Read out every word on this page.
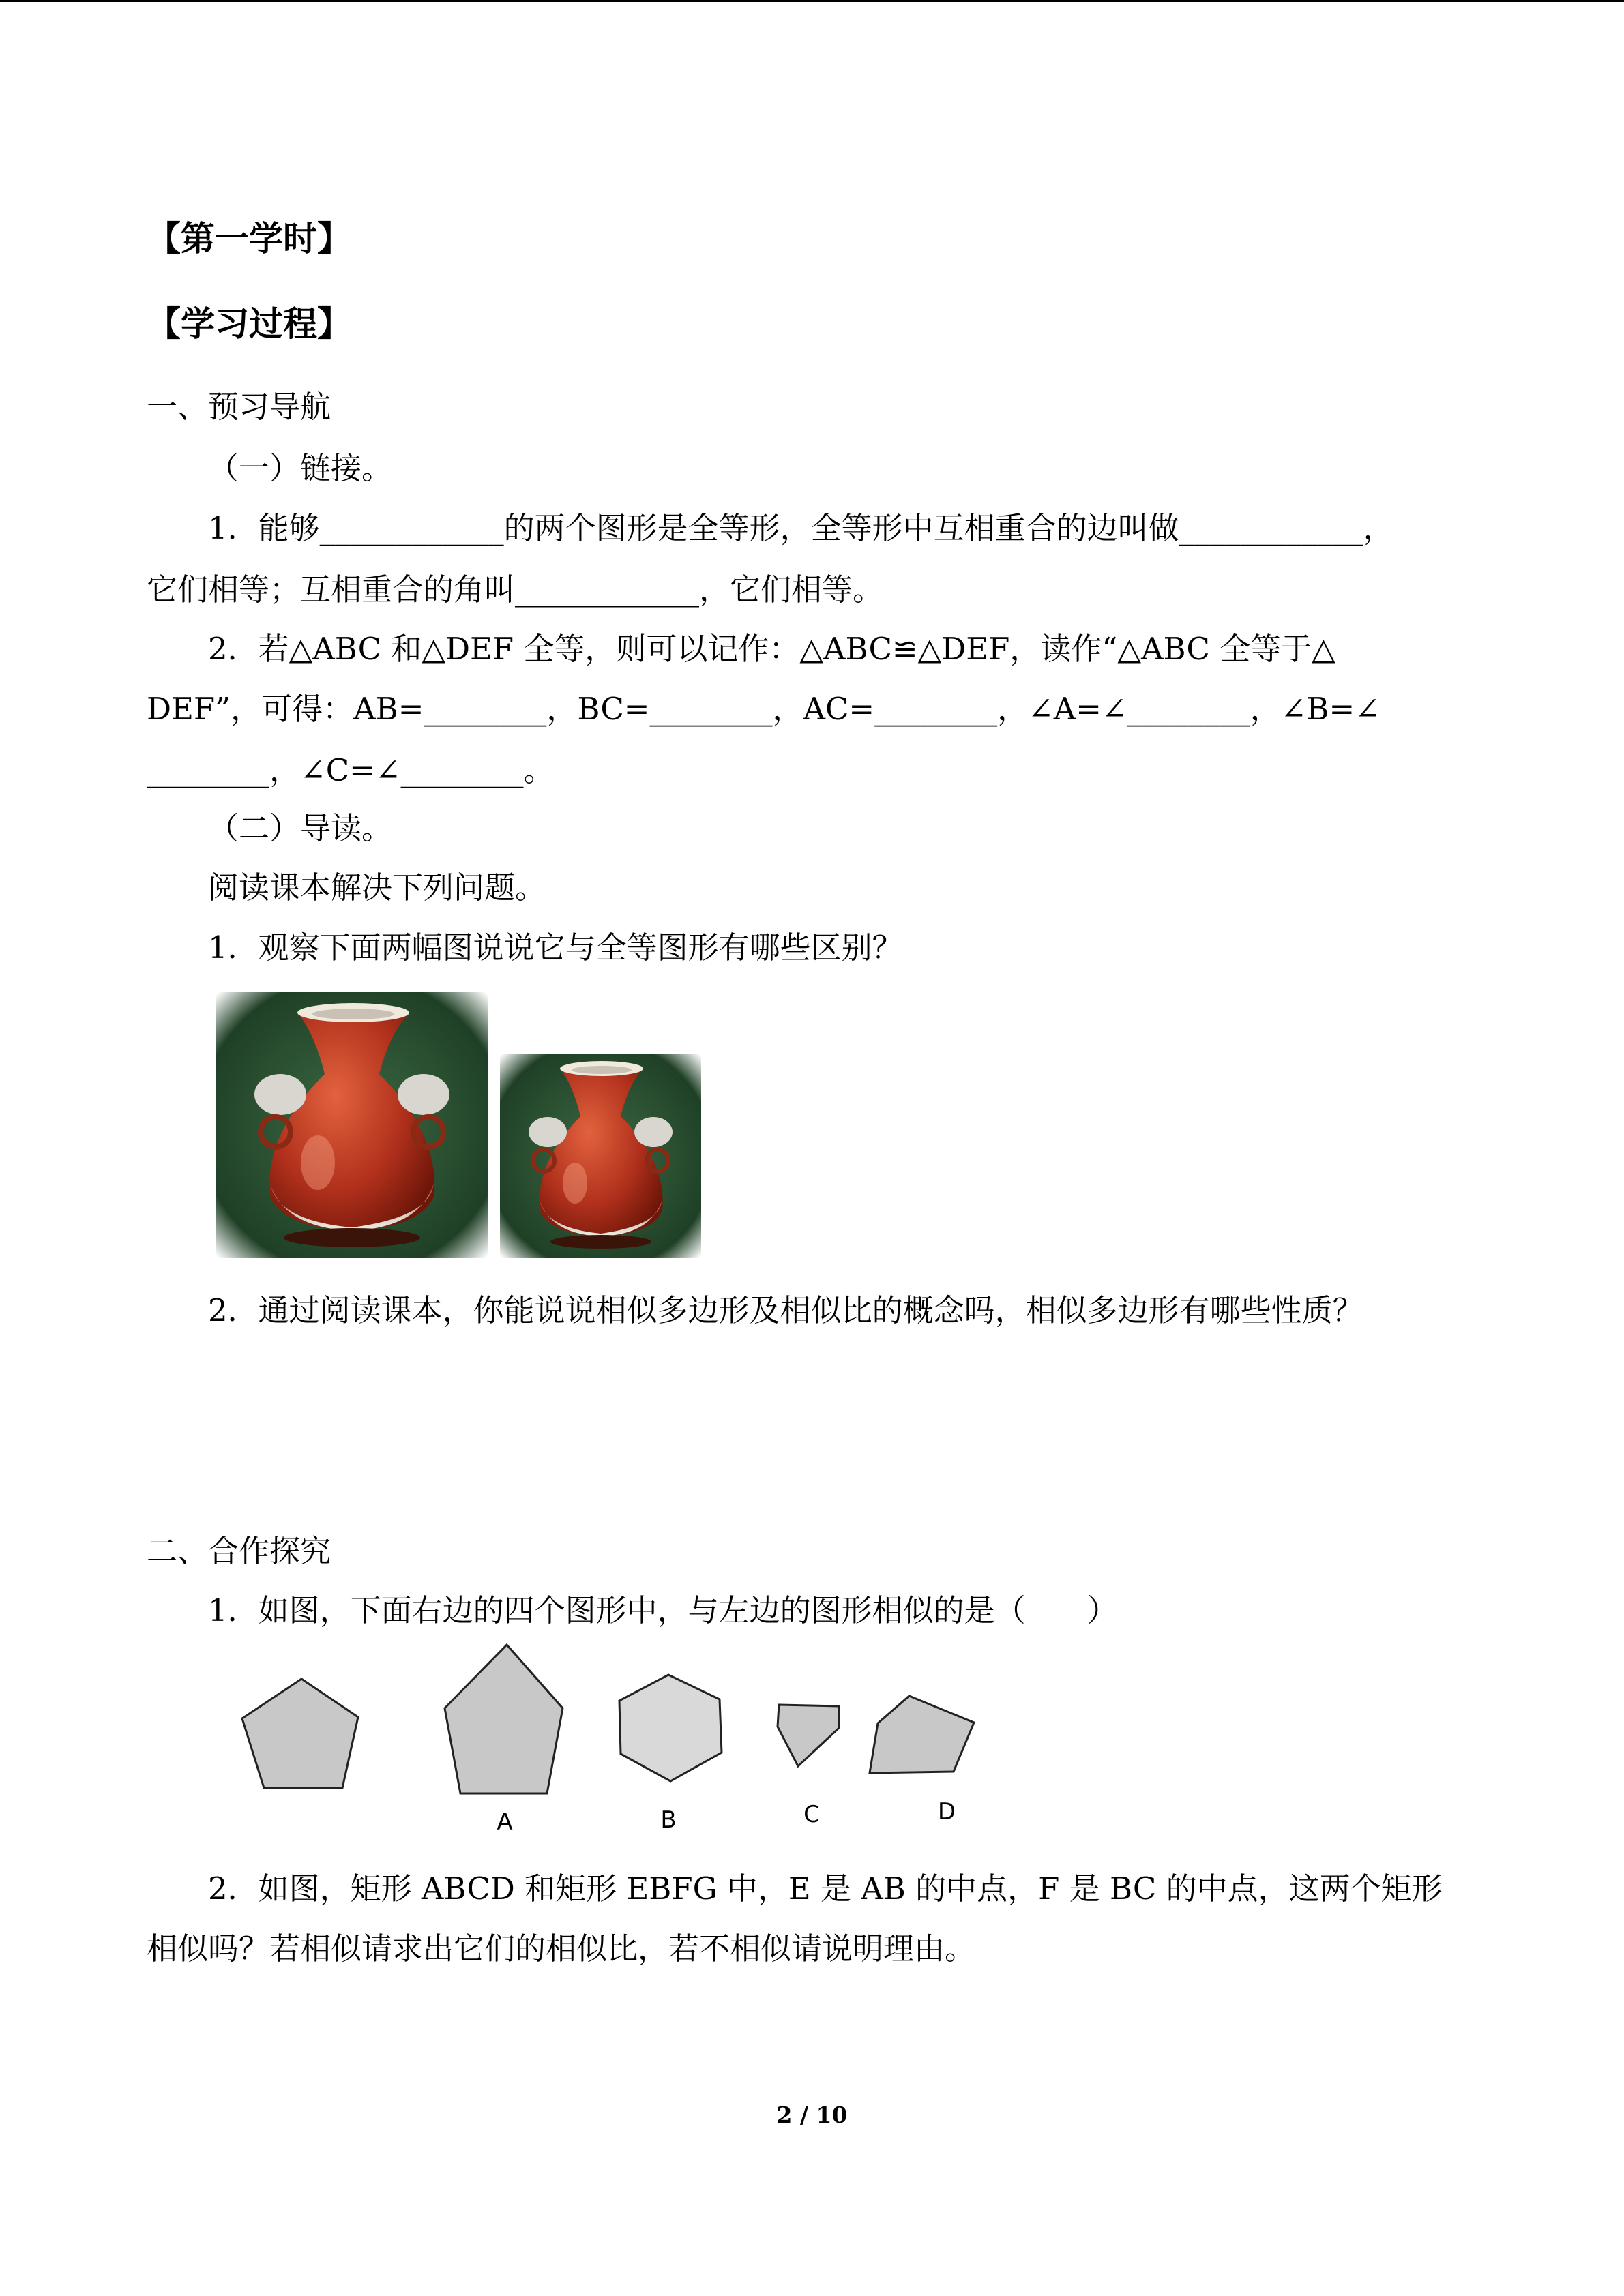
【第一学时】
【学习过程】
一、预习导航
（一）链接。
1．能够____________的两个图形是全等形，全等形中互相重合的边叫做____________，
它们相等；互相重合的角叫____________，它们相等。
2．若△ABC 和△DEF 全等，则可以记作：△ABC≌△DEF，读作“△ABC 全等于△
DEF”，可得：AB=________，BC=________，AC=________，∠A=∠________，∠B=∠
________，∠C=∠________。
（二）导读。
阅读课本解决下列问题。
1．观察下面两幅图说说它与全等图形有哪些区别？
2．通过阅读课本，你能说说相似多边形及相似比的概念吗，相似多边形有哪些性质？
二、合作探究
1．如图，下面右边的四个图形中，与左边的图形相似的是（　　）
A	B	C	D
2．如图，矩形 ABCD 和矩形 EBFG 中，E 是 AB 的中点，F 是 BC 的中点，这两个矩形
相似吗？若相似请求出它们的相似比，若不相似请说明理由。
2 / 10
